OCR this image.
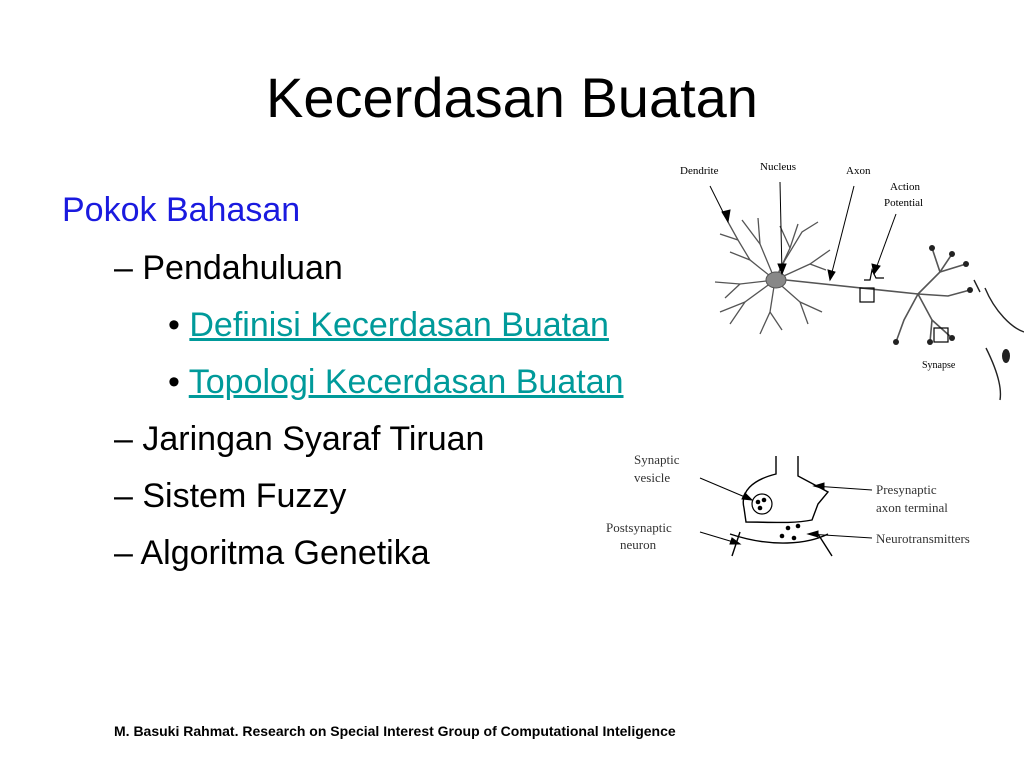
Kecerdasan Buatan
Pokok Bahasan
– Pendahuluan
• Definisi Kecerdasan Buatan
• Topologi Kecerdasan Buatan
– Jaringan Syaraf Tiruan
– Sistem Fuzzy
– Algoritma Genetika
Dendrite	Nucleus	Axon
Action
Potential
Synapse
Synaptic
vesicle
Presynaptic
axon terminal
Postsynaptic
neuron	Neurotransmitters
M. Basuki Rahmat. Research on Special Interest Group of Computational Inteligence
